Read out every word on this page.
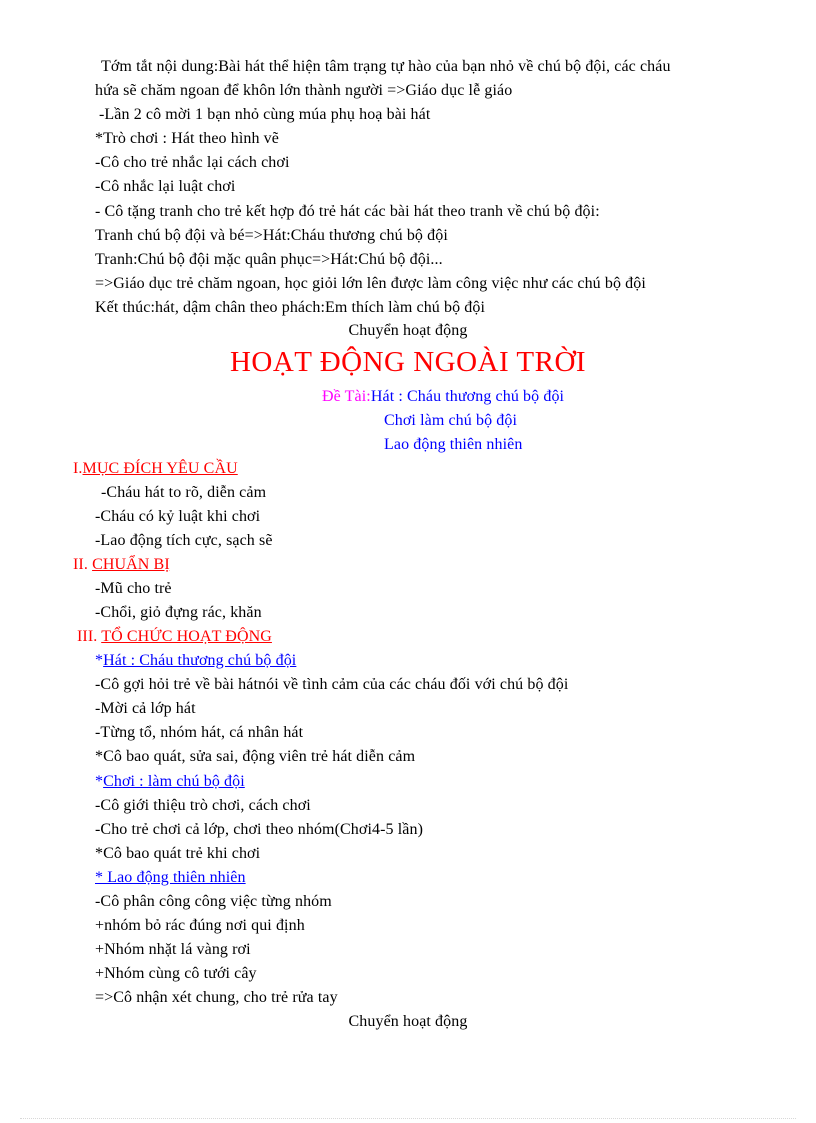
Tớm tắt nội dung:Bài hát thể hiện tâm trạng tự hào của bạn nhỏ về chú bộ đội, các cháu
hứa sẽ chăm ngoan để khôn lớn thành người =>Giáo dục lễ giáo
-Lần 2 cô mời 1 bạn nhỏ cùng múa phụ hoạ bài hát
*Trò chơi : Hát theo hình vẽ
-Cô cho trẻ nhắc lại cách chơi
-Cô nhắc lại luật chơi
- Cô tặng tranh cho trẻ kết hợp đó trẻ hát các bài hát theo tranh về chú bộ đội:
Tranh chú bộ đội và bé=>Hát:Cháu thương chú bộ đội
Tranh:Chú bộ đội mặc quân phục=>Hát:Chú bộ đội...
=>Giáo dục trẻ chăm ngoan, học giỏi lớn lên được làm công việc như các chú bộ đội
Kết thúc:hát, dậm chân theo phách:Em thích làm chú bộ đội
Chuyển hoạt động
HOẠT ĐỘNG NGOÀI TRỜI
Đề Tài:Hát : Cháu thương chú bộ đội
Chơi làm chú bộ đội
Lao động thiên nhiên
I.MỤC ĐÍCH YÊU CẦU
-Cháu hát to rõ, diễn cảm
-Cháu có kỷ luật khi chơi
-Lao động tích cực, sạch sẽ
II. CHUẨN BỊ
-Mũ cho trẻ
-Chổi, giỏ đựng rác, khăn
III. TỔ CHỨC HOẠT ĐỘNG
*Hát : Cháu thương chú bộ đội
-Cô gợi hỏi trẻ về bài hátnói về tình cảm của các cháu đối với chú bộ đội
-Mời cả lớp hát
-Từng tổ, nhóm hát, cá nhân hát
*Cô bao quát, sửa sai, động viên trẻ hát diễn cảm
*Chơi : làm chú bộ đội
-Cô giới thiệu trò chơi, cách chơi
-Cho trẻ chơi cả lớp, chơi theo nhóm(Chơi4-5 lần)
*Cô bao quát trẻ khi chơi
* Lao động thiên nhiên
-Cô phân công công việc từng nhóm
+nhóm bỏ rác đúng nơi qui định
+Nhóm nhặt lá vàng rơi
+Nhóm cùng cô tưới cây
=>Cô nhận xét chung, cho trẻ rửa tay
Chuyển hoạt động
